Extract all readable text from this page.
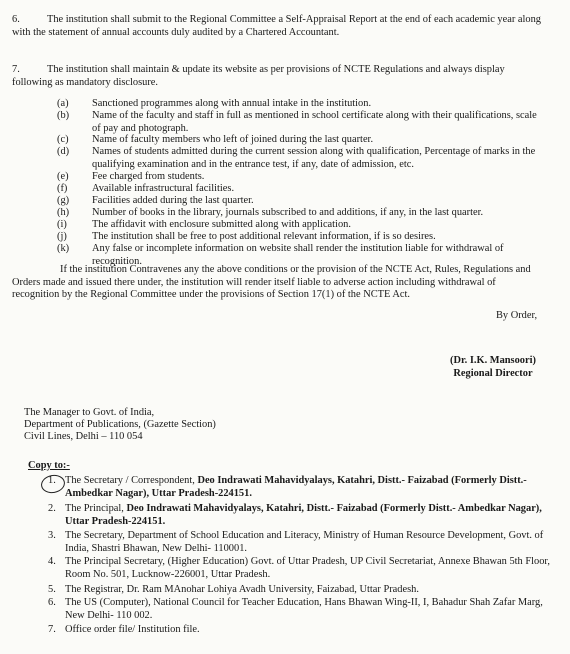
6.	The institution shall submit to the Regional Committee a Self-Appraisal Report at the end of each academic year along with the statement of annual accounts duly audited by a Chartered Accountant.

7.	The institution shall maintain & update its website as per provisions of NCTE Regulations and always display following as mandatory disclosure.

(a)	Sanctioned programmes along with annual intake in the institution.
(b)	Name of the faculty and staff in full as mentioned in school certificate along with their qualifications, scale of pay and photograph.
(c)	Name of faculty members who left of joined during the last quarter.
(d)	Names of students admitted during the current session along with qualification, Percentage of marks in the qualifying examination and in the entrance test, if any, date of admission, etc.
(e)	Fee charged from students.
(f)	Available infrastructural facilities.
(g)	Facilities added during the last quarter.
(h)	Number of books in the library, journals subscribed to and additions, if any, in the last quarter.
(i)	The affidavit with enclosure submitted along with application.
(j)	The institution shall be free to post additional relevant information, if is so desires.
(k)	Any false or incomplete information on website shall render the institution liable for withdrawal of recognition.

If the institution Contravenes any the above conditions or the provision of the NCTE Act, Rules, Regulations and Orders made and issued there under, the institution will render itself liable to adverse action including withdrawal of recognition by the Regional Committee under the provisions of Section 17(1) of the NCTE Act.

By Order,
(Dr. I.K. Mansoori)
Regional Director
The Manager to Govt. of India,
Department of Publications, (Gazette Section)
Civil Lines, Delhi – 110 054
Copy to:-
1. The Secretary / Correspondent, Deo Indrawati Mahavidyalays, Katahri, Distt.- Faizabad (Formerly Distt.- Ambedkar Nagar), Uttar Pradesh-224151.
2. The Principal, Deo Indrawati Mahavidyalays, Katahri, Distt.- Faizabad (Formerly Distt.- Ambedkar Nagar), Uttar Pradesh-224151.
3. The Secretary, Department of School Education and Literacy, Ministry of Human Resource Development, Govt. of India, Shastri Bhawan, New Delhi- 110001.
4. The Principal Secretary, (Higher Education) Govt. of Uttar Pradesh, UP Civil Secretariat, Annexe Bhawan 5th Floor, Room No. 501, Lucknow-226001, Uttar Pradesh.
5. The Registrar, Dr. Ram MAnohar Lohiya Avadh University, Faizabad, Uttar Pradesh.
6. The US (Computer), National Council for Teacher Education, Hans Bhawan Wing-II, I, Bahadur Shah Zafar Marg, New Delhi- 110 002.
7. Office order file/ Institution file.
